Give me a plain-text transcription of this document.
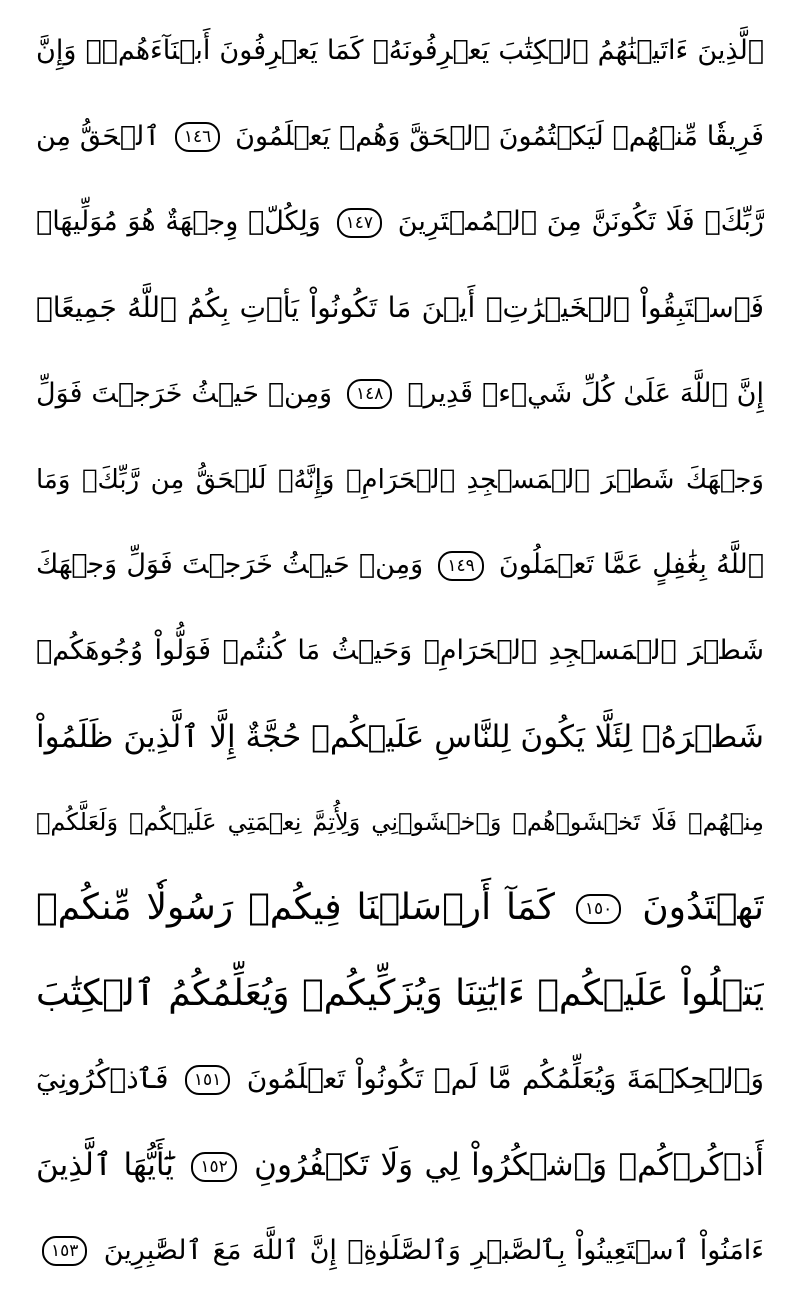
ٱلَّذِينَ ءَاتَيۡنَٰهُمُ ٱلۡكِتَٰبَ يَعۡرِفُونَهُۥ كَمَا يَعۡرِفُونَ أَبۡنَآءَهُمۡۖ وَإِنَّ
فَرِيقٗا مِّنۡهُمۡ لَيَكۡتُمُونَ ٱلۡحَقَّ وَهُمۡ يَعۡلَمُونَ ١٤٦ ٱلۡحَقُّ مِن
رَّبِّكَۖ فَلَا تَكُونَنَّ مِنَ ٱلۡمُمۡتَرِينَ ١٤٧ وَلِكُلّٖ وِجۡهَةٌ هُوَ مُوَلِّيهَاۖ
فَٱسۡتَبِقُواْ ٱلۡخَيۡرَٰتِۚ أَيۡنَ مَا تَكُونُواْ يَأۡتِ بِكُمُ ٱللَّهُ جَمِيعًاۚ
إِنَّ ٱللَّهَ عَلَىٰ كُلِّ شَيۡءٖ قَدِيرٞ ١٤٨ وَمِنۡ حَيۡثُ خَرَجۡتَ فَوَلِّ
وَجۡهَكَ شَطۡرَ ٱلۡمَسۡجِدِ ٱلۡحَرَامِۖ وَإِنَّهُۥ لَلۡحَقُّ مِن رَّبِّكَۗ وَمَا
ٱللَّهُ بِغَٰفِلٍ عَمَّا تَعۡمَلُونَ ١٤٩ وَمِنۡ حَيۡثُ خَرَجۡتَ فَوَلِّ وَجۡهَكَ
شَطۡرَ ٱلۡمَسۡجِدِ ٱلۡحَرَامِۚ وَحَيۡثُ مَا كُنتُمۡ فَوَلُّواْ وُجُوهَكُمۡ
شَطۡرَهُۥ لِئَلَّا يَكُونَ لِلنَّاسِ عَلَيۡكُمۡ حُجَّةٌ إِلَّا ٱلَّذِينَ ظَلَمُواْ
مِنۡهُمۡ فَلَا تَخۡشَوۡهُمۡ وَٱخۡشَوۡنِي وَلِأُتِمَّ نِعۡمَتِي عَلَيۡكُمۡ وَلَعَلَّكُمۡ
تَهۡتَدُونَ ١٥٠ كَمَآ أَرۡسَلۡنَا فِيكُمۡ رَسُولٗا مِّنكُمۡ
يَتۡلُواْ عَلَيۡكُمۡ ءَايَٰتِنَا وَيُزَكِّيكُمۡ وَيُعَلِّمُكُمُ ٱلۡكِتَٰبَ
وَٱلۡحِكۡمَةَ وَيُعَلِّمُكُم مَّا لَمۡ تَكُونُواْ تَعۡلَمُونَ ١٥١ فَٱذۡكُرُونِيٓ
أَذۡكُرۡكُمۡ وَٱشۡكُرُواْ لِي وَلَا تَكۡفُرُونِ ١٥٢ يَٰٓأَيُّهَا ٱلَّذِينَ
ءَامَنُواْ ٱسۡتَعِينُواْ بِٱلصَّبۡرِ وَٱلصَّلَوٰةِۚ إِنَّ ٱللَّهَ مَعَ ٱلصَّٰبِرِينَ ١٥٣
